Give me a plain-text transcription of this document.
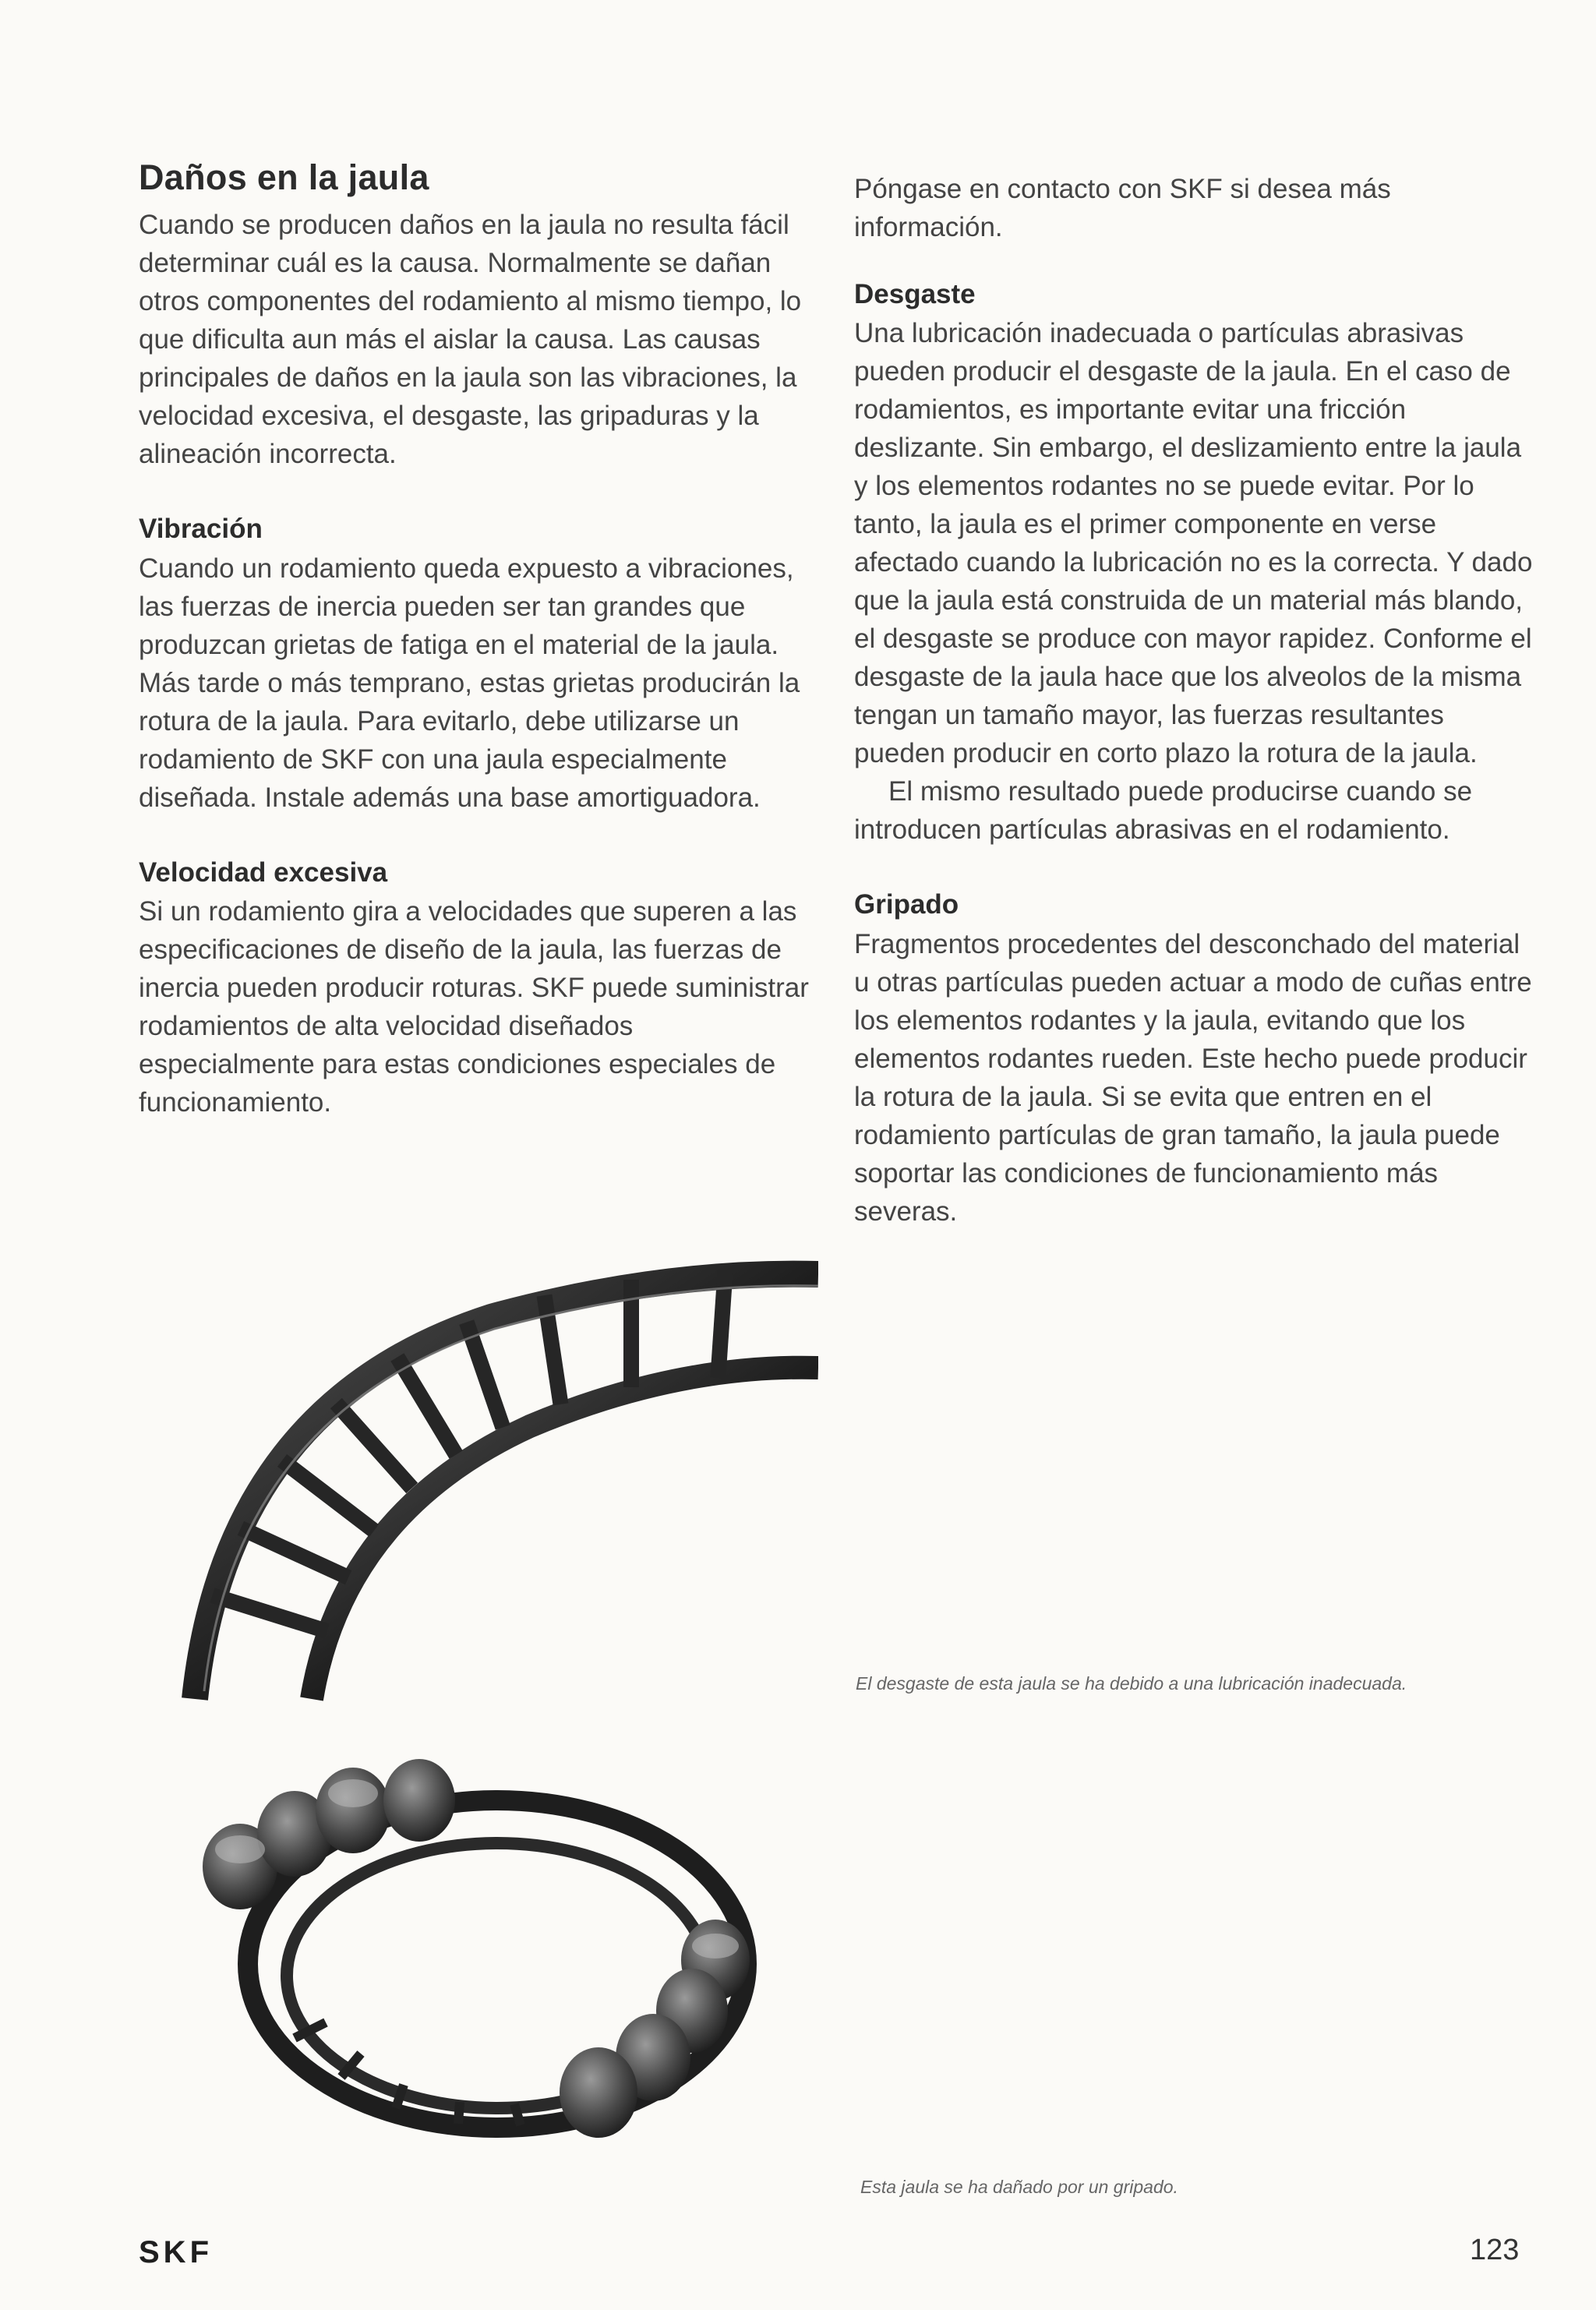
Daños en la jaula

Cuando se producen daños en la jaula no resulta fácil determinar cuál es la causa. Normalmente se dañan otros componentes del rodamiento al mismo tiempo, lo que dificulta aun más el aislar la causa. Las causas principales de daños en la jaula son las vibraciones, la velocidad excesiva, el desgaste, las gripaduras y la alineación incorrecta.

Vibración

Cuando un rodamiento queda expuesto a vibraciones, las fuerzas de inercia pueden ser tan grandes que produzcan grietas de fatiga en el material de la jaula. Más tarde o más temprano, estas grietas producirán la rotura de la jaula. Para evitarlo, debe utilizarse un rodamiento de SKF con una jaula especialmente diseñada. Instale además una base amortiguadora.

Velocidad excesiva

Si un rodamiento gira a velocidades que superen a las especificaciones de diseño de la jaula, las fuerzas de inercia pueden producir roturas. SKF puede suministrar rodamientos de alta velocidad diseñados especialmente para estas condiciones especiales de funcionamiento.

Póngase en contacto con SKF si desea más información.

Desgaste

Una lubricación inadecuada o partículas abrasivas pueden producir el desgaste de la jaula. En el caso de rodamientos, es importante evitar una fricción deslizante. Sin embargo, el deslizamiento entre la jaula y los elementos rodantes no se puede evitar. Por lo tanto, la jaula es el primer componente en verse afectado cuando la lubricación no es la correcta. Y dado que la jaula está construida de un material más blando, el desgaste se produce con mayor rapidez. Conforme el desgaste de la jaula hace que los alveolos de la misma tengan un tamaño mayor, las fuerzas resultantes pueden producir en corto plazo la rotura de la jaula.

El mismo resultado puede producirse cuando se introducen partículas abrasivas en el rodamiento.

Gripado

Fragmentos procedentes del desconchado del material u otras partículas pueden actuar a modo de cuñas entre los elementos rodantes y la jaula, evitando que los elementos rodantes rueden. Este hecho puede producir la rotura de la jaula. Si se evita que entren en el rodamiento partículas de gran tamaño, la jaula puede soportar las condiciones de funcionamiento más severas.

El desgaste de esta jaula se ha debido a una lubricación inadecuada.
Esta jaula se ha dañado por un gripado.
SKF	123
